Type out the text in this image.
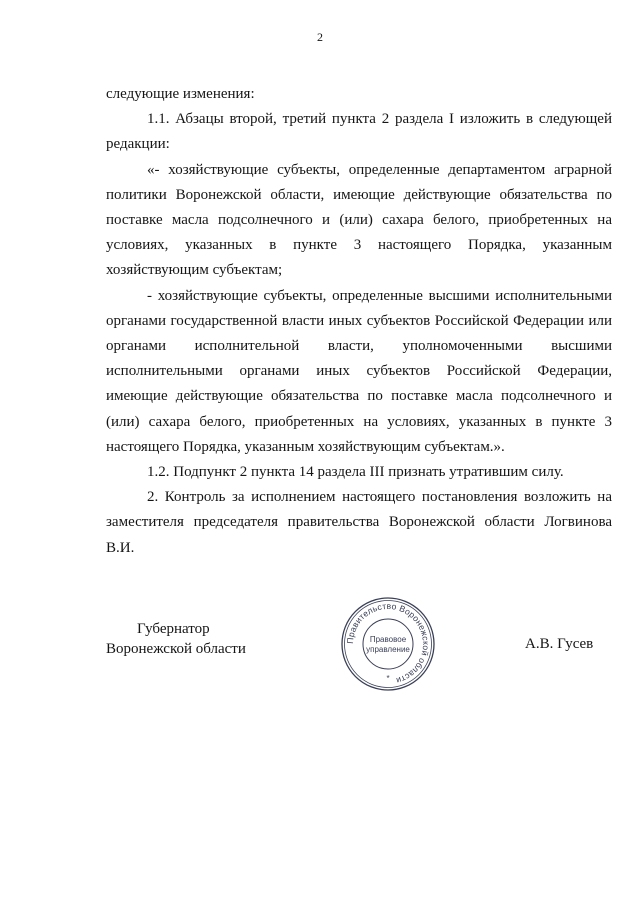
2

следующие изменения:

1.1. Абзацы второй, третий пункта 2 раздела I изложить в следующей редакции:

«- хозяйствующие субъекты, определенные департаментом аграрной политики Воронежской области, имеющие действующие обязательства по поставке масла подсолнечного и (или) сахара белого, приобретенных на условиях, указанных в пункте 3 настоящего Порядка, указанным хозяйствующим субъектам;

- хозяйствующие субъекты, определенные высшими исполнительными органами государственной власти иных субъектов Российской Федерации или органами исполнительной власти, уполномоченными высшими исполнительными органами иных субъектов Российской Федерации, имеющие действующие обязательства по поставке масла подсолнечного и (или) сахара белого, приобретенных на условиях, указанных в пункте 3 настоящего Порядка, указанным хозяйствующим субъектам.».

1.2. Подпункт 2 пункта 14 раздела III признать утратившим силу.

2. Контроль за исполнением настоящего постановления возложить на заместителя председателя правительства Воронежской области Логвинова В.И.

Губернатор
Воронежской области
Правительство Воронежской области
Правовое
управление
*
А.В. Гусев
